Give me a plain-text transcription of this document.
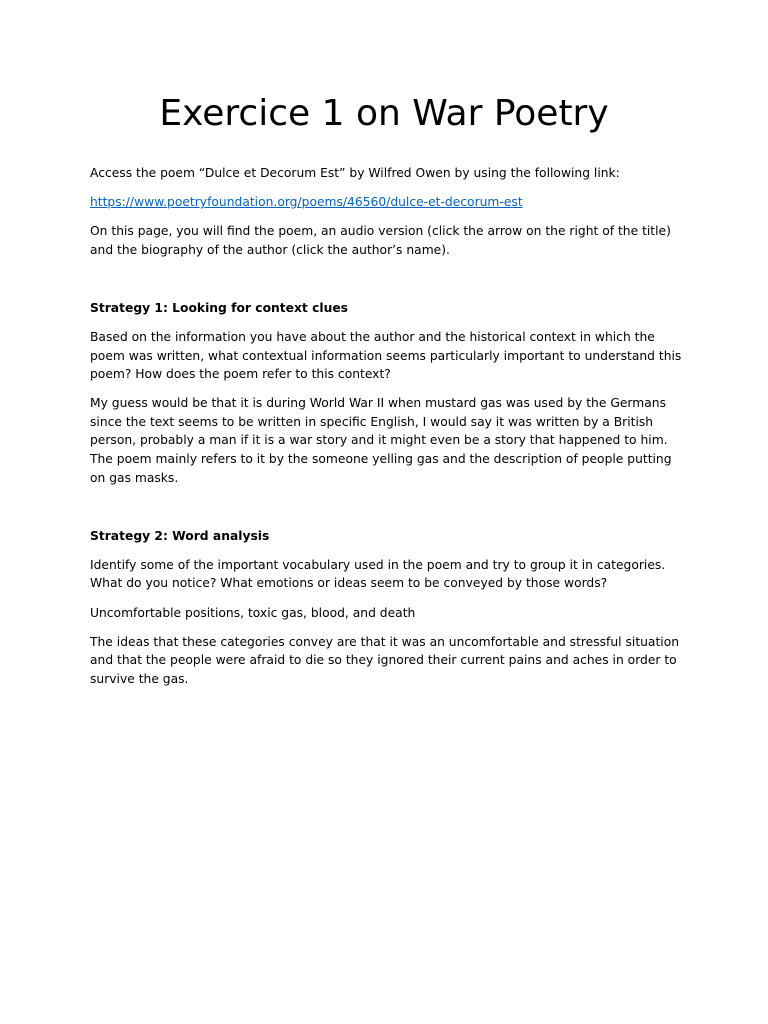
Exercice 1 on War Poetry

Access the poem “Dulce et Decorum Est” by Wilfred Owen by using the following link:

https://www.poetryfoundation.org/poems/46560/dulce-et-decorum-est

On this page, you will find the poem, an audio version (click the arrow on the right of the title) and the biography of the author (click the author’s name).

Strategy 1: Looking for context clues

Based on the information you have about the author and the historical context in which the poem was written, what contextual information seems particularly important to understand this poem? How does the poem refer to this context?

My guess would be that it is during World War II when mustard gas was used by the Germans since the text seems to be written in specific English, I would say it was written by a British person, probably a man if it is a war story and it might even be a story that happened to him. The poem mainly refers to it by the someone yelling gas and the description of people putting on gas masks.

Strategy 2: Word analysis

Identify some of the important vocabulary used in the poem and try to group it in categories. What do you notice? What emotions or ideas seem to be conveyed by those words?

Uncomfortable positions, toxic gas, blood, and death

The ideas that these categories convey are that it was an uncomfortable and stressful situation and that the people were afraid to die so they ignored their current pains and aches in order to survive the gas.
